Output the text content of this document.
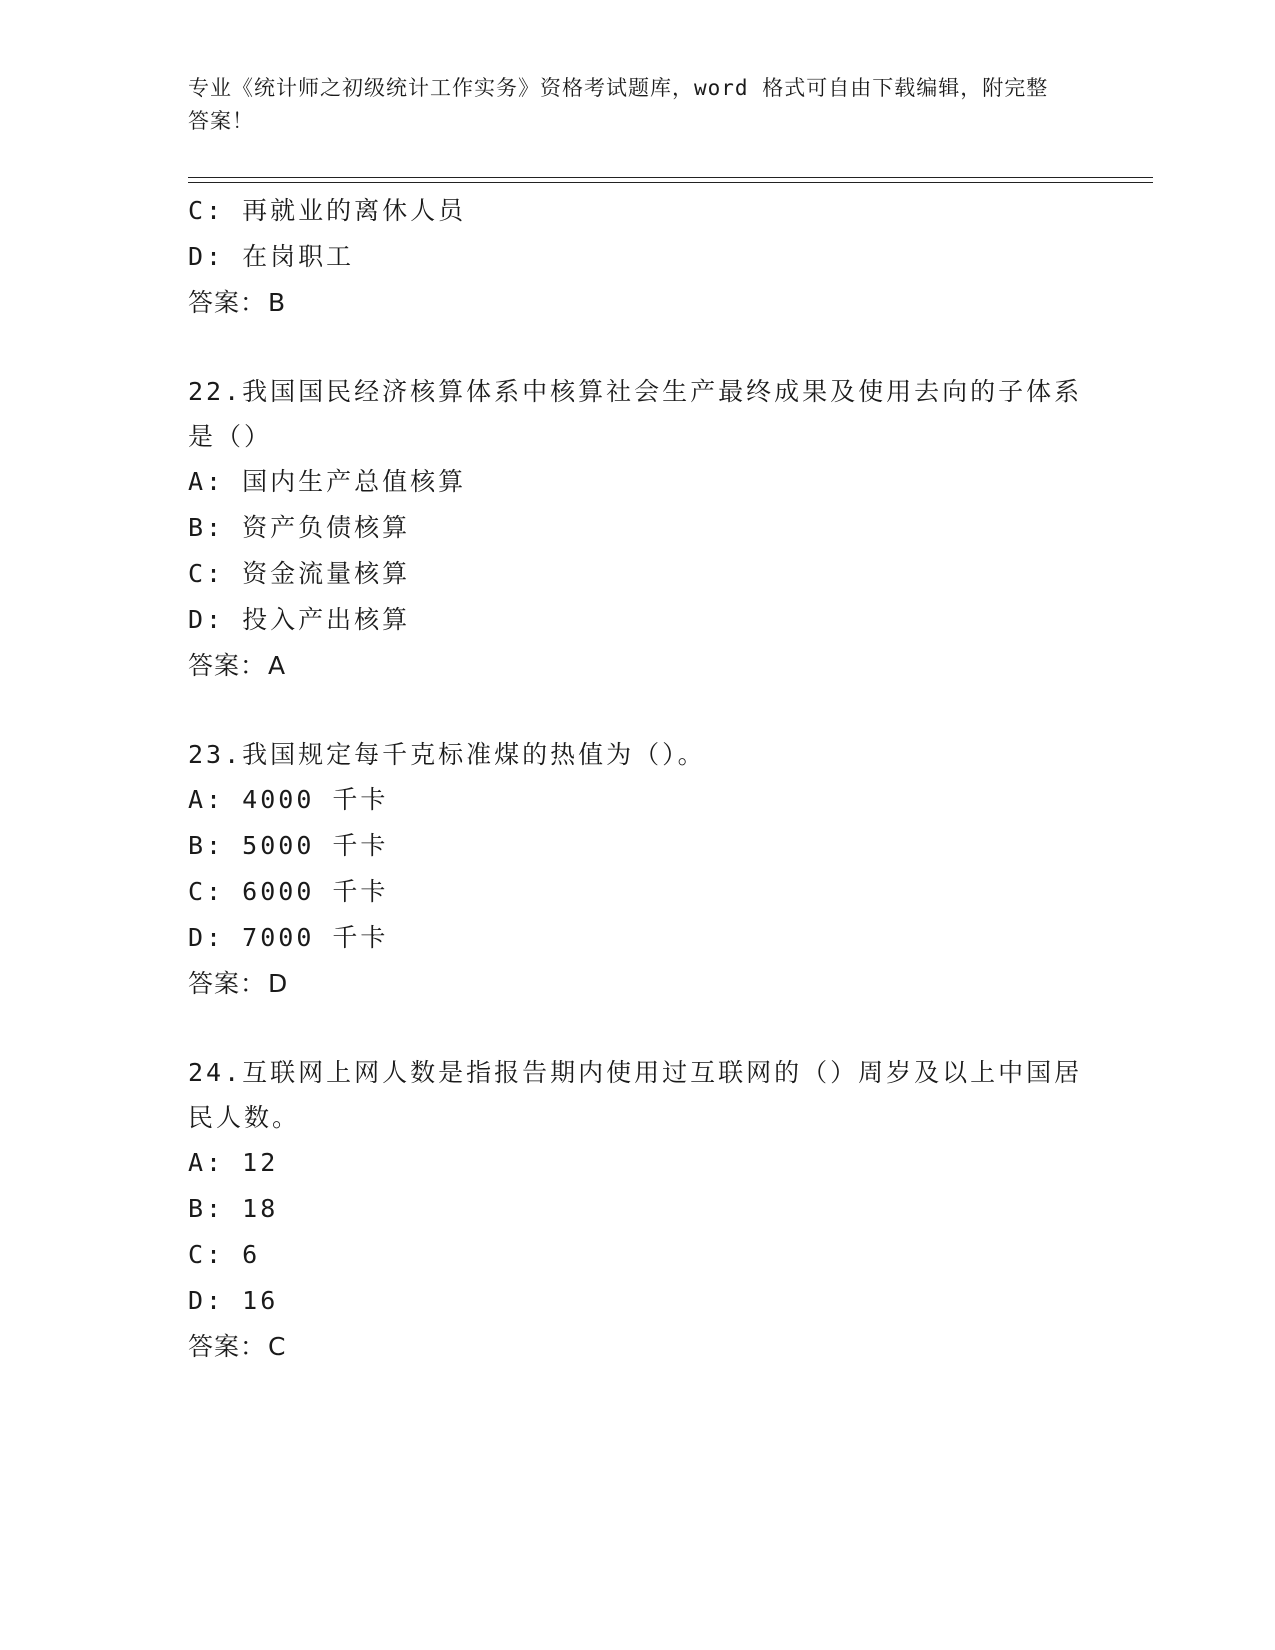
专业《统计师之初级统计工作实务》资格考试题库，word 格式可自由下载编辑，附完整答案！
C: 再就业的离休人员
D: 在岗职工
答案：B
22.我国国民经济核算体系中核算社会生产最终成果及使用去向的子体系是（）
A: 国内生产总值核算
B: 资产负债核算
C: 资金流量核算
D: 投入产出核算
答案：A
23.我国规定每千克标准煤的热值为（）。
A: 4000 千卡
B: 5000 千卡
C: 6000 千卡
D: 7000 千卡
答案：D
24.互联网上网人数是指报告期内使用过互联网的（）周岁及以上中国居民人数。
A: 12
B: 18
C: 6
D: 16
答案：C
